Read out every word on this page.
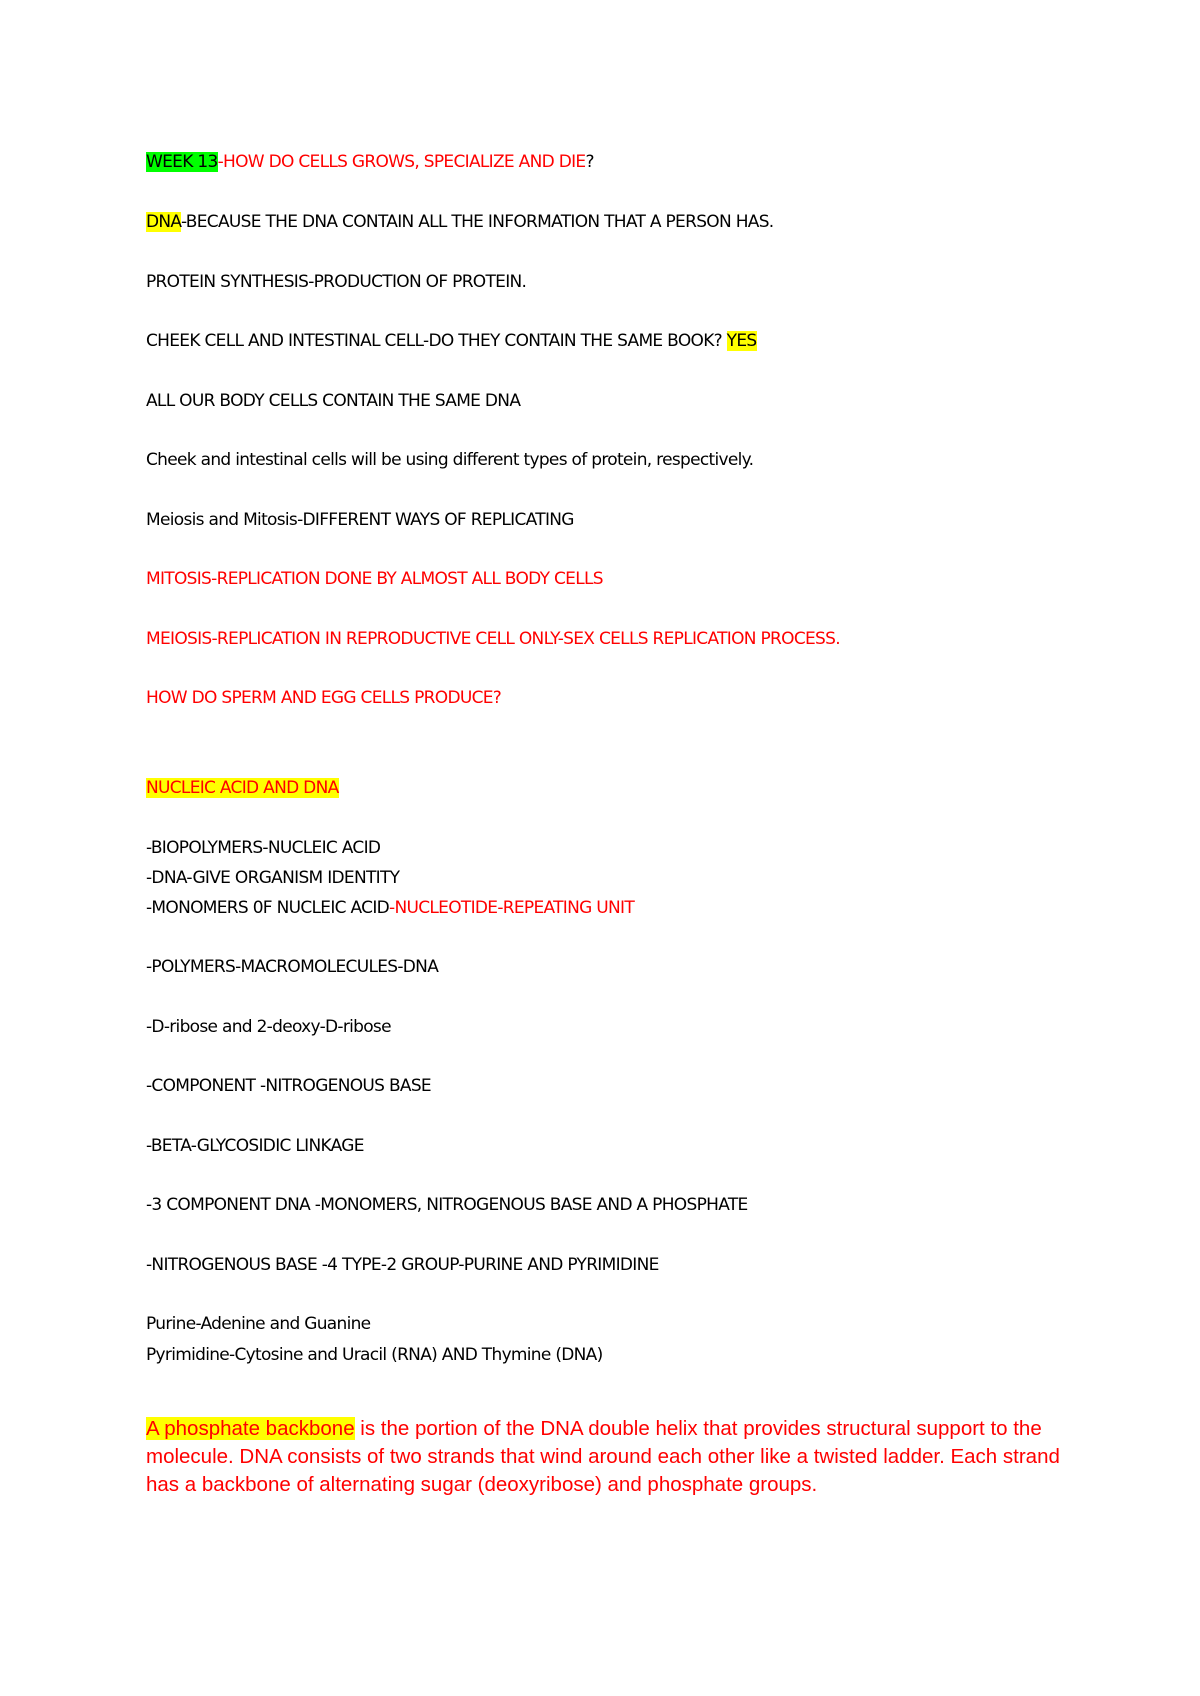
WEEK 13-HOW DO CELLS GROWS, SPECIALIZE AND DIE?
DNA-BECAUSE THE DNA CONTAIN ALL THE INFORMATION THAT A PERSON HAS.
PROTEIN SYNTHESIS-PRODUCTION OF PROTEIN.
CHEEK CELL AND INTESTINAL CELL-DO THEY CONTAIN THE SAME BOOK? YES
ALL OUR BODY CELLS CONTAIN THE SAME DNA
Cheek and intestinal cells will be using different types of protein, respectively.
Meiosis and Mitosis-DIFFERENT WAYS OF REPLICATING
MITOSIS-REPLICATION DONE BY ALMOST ALL BODY CELLS
MEIOSIS-REPLICATION IN REPRODUCTIVE CELL ONLY-SEX CELLS REPLICATION PROCESS.
HOW DO SPERM AND EGG CELLS PRODUCE?
NUCLEIC ACID AND DNA
-BIOPOLYMERS-NUCLEIC ACID
-DNA-GIVE ORGANISM IDENTITY
-MONOMERS 0F NUCLEIC ACID-NUCLEOTIDE-REPEATING UNIT
-POLYMERS-MACROMOLECULES-DNA
-D-ribose and 2-deoxy-D-ribose
-COMPONENT -NITROGENOUS BASE
-BETA-GLYCOSIDIC LINKAGE
-3 COMPONENT DNA -MONOMERS, NITROGENOUS BASE AND A PHOSPHATE
-NITROGENOUS BASE -4 TYPE-2 GROUP-PURINE AND PYRIMIDINE
Purine-Adenine and Guanine
Pyrimidine-Cytosine and Uracil (RNA) AND Thymine (DNA)
A phosphate backbone is the portion of the DNA double helix that provides structural support to the molecule. DNA consists of two strands that wind around each other like a twisted ladder. Each strand has a backbone of alternating sugar (deoxyribose) and phosphate groups.
